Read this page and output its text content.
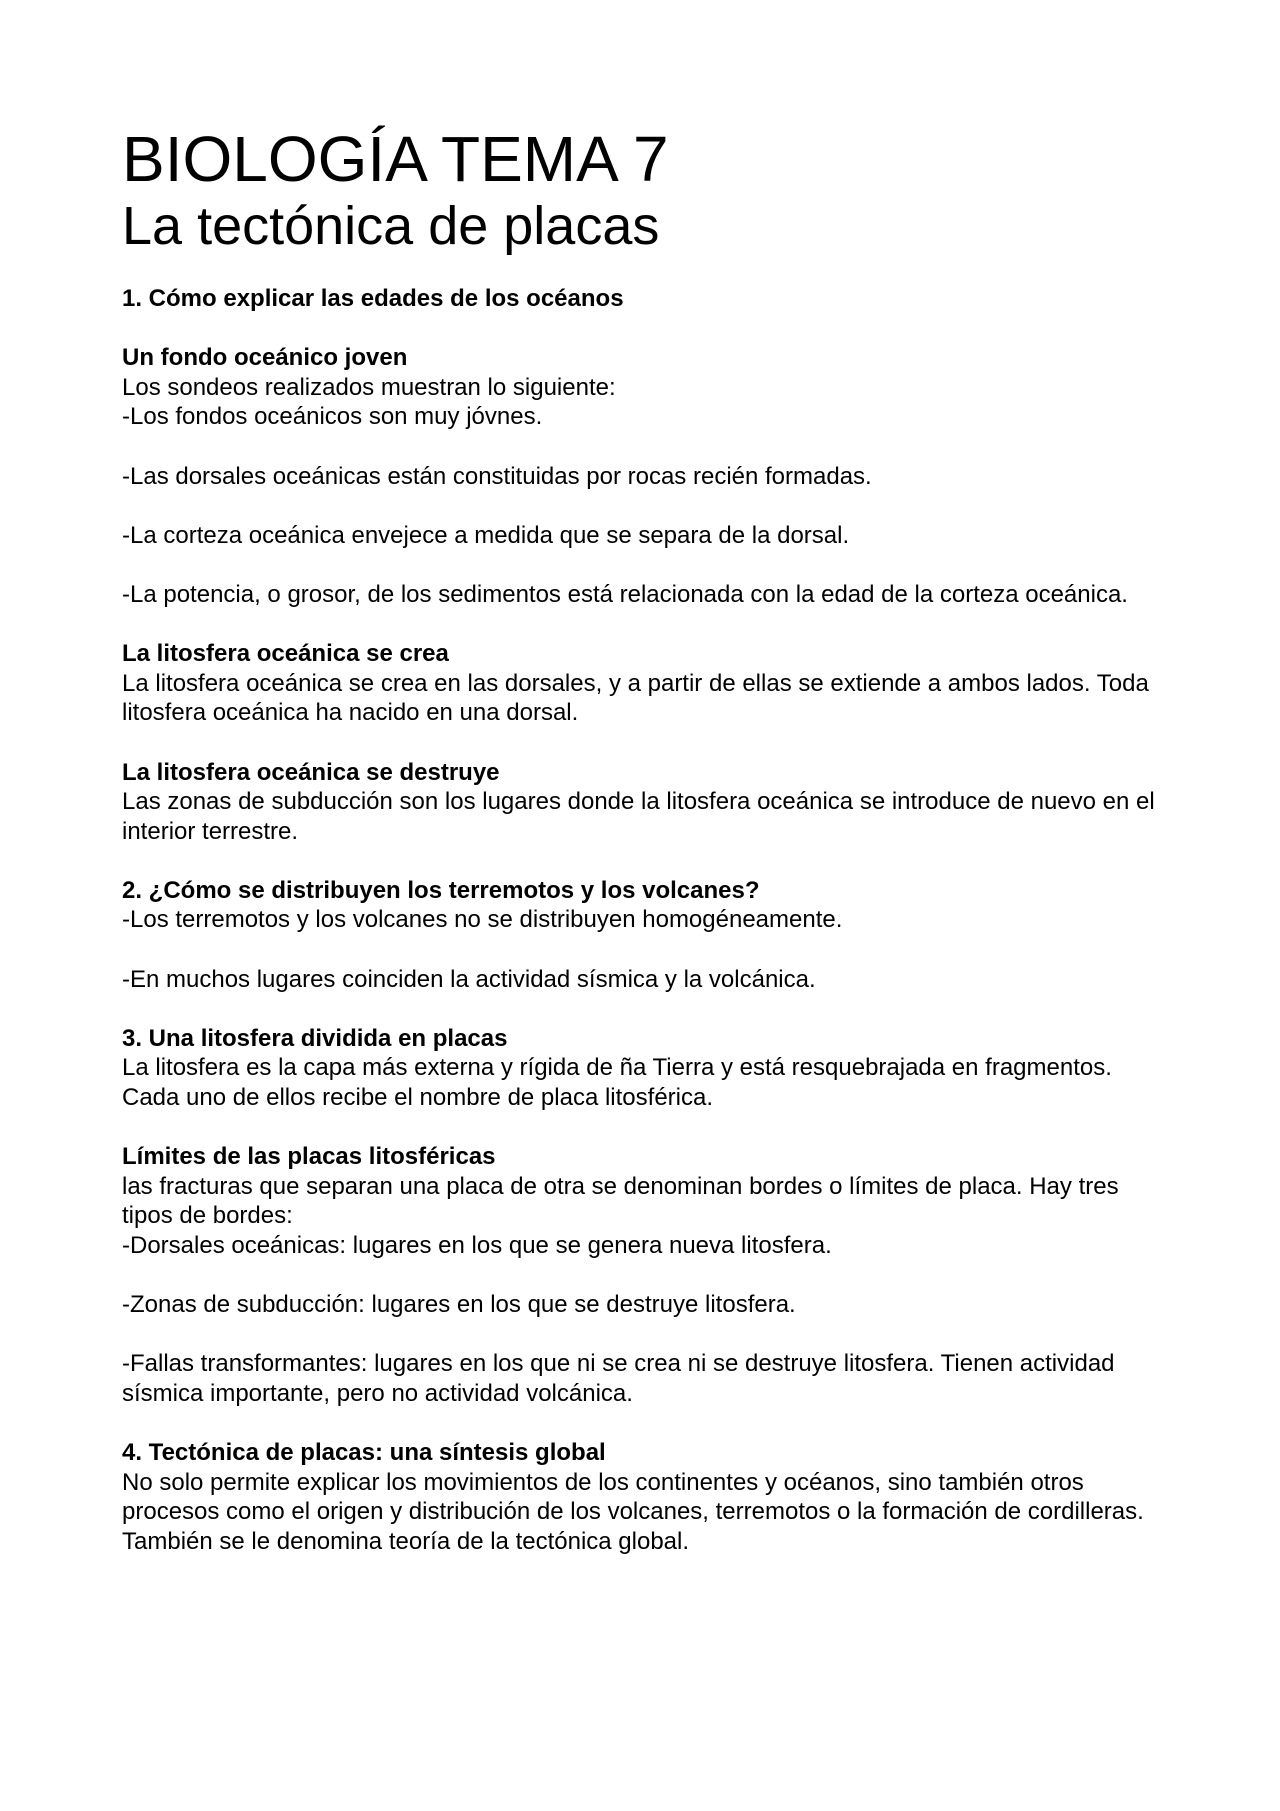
BIOLOGÍA TEMA 7
La tectónica de placas

1. Cómo explicar las edades de los océanos

Un fondo oceánico joven

Los sondeos realizados muestran lo siguiente:

-Los fondos oceánicos son muy jóvnes.

-Las dorsales oceánicas están constituidas por rocas recién formadas.

-La corteza oceánica envejece a medida que se separa de la dorsal.

-La potencia, o grosor, de los sedimentos está relacionada con la edad de la corteza oceánica.

La litosfera oceánica se crea

La litosfera oceánica se crea en las dorsales, y a partir de ellas se extiende a ambos lados. Toda litosfera oceánica ha nacido en una dorsal.

La litosfera oceánica se destruye

Las zonas de subducción son los lugares donde la litosfera oceánica se introduce de nuevo en el interior terrestre.

2. ¿Cómo se distribuyen los terremotos y los volcanes?

-Los terremotos y los volcanes no se distribuyen homogéneamente.

-En muchos lugares coinciden la actividad sísmica y la volcánica.

3. Una litosfera dividida en placas

La litosfera es la capa más externa y rígida de ña Tierra y está resquebrajada en fragmentos. Cada uno de ellos recibe el nombre de placa litosférica.

Límites de las placas litosféricas

las fracturas que separan una placa de otra se denominan bordes o límites de placa. Hay tres tipos de bordes:

-Dorsales oceánicas: lugares en los que se genera nueva litosfera.

-Zonas de subducción: lugares en los que se destruye litosfera.

-Fallas transformantes: lugares en los que ni se crea ni se destruye litosfera. Tienen actividad sísmica importante, pero no actividad volcánica.

4. Tectónica de placas: una síntesis global

No solo permite explicar los movimientos de los continentes y océanos, sino también otros procesos como el origen y distribución de los volcanes, terremotos o la formación de cordilleras. También se le denomina teoría de la tectónica global.
